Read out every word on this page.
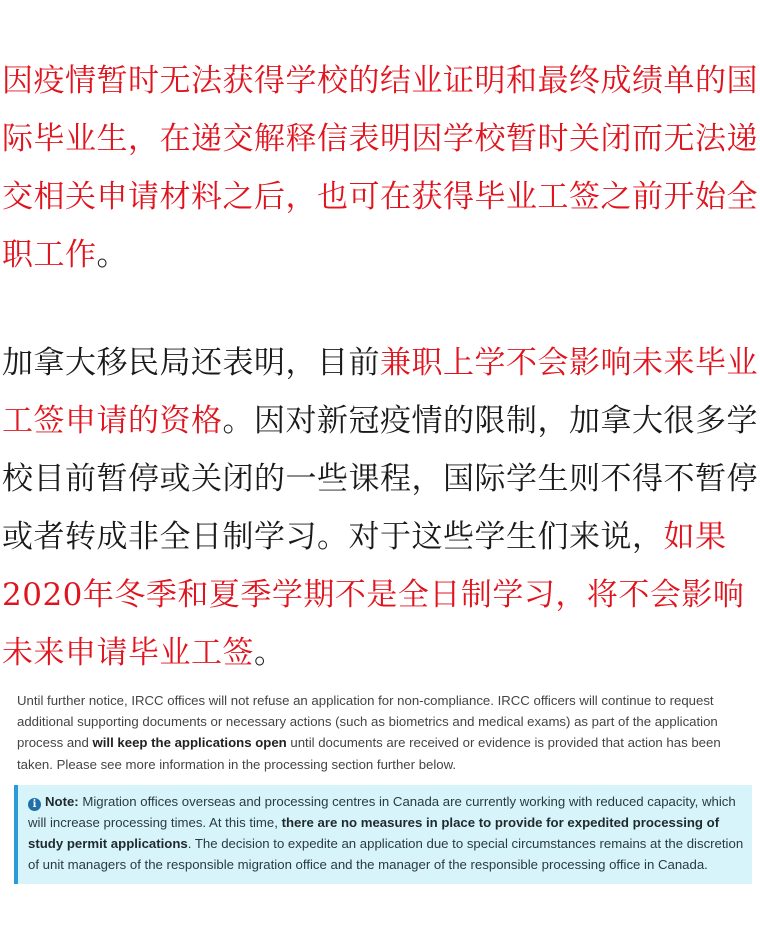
因疫情暂时无法获得学校的结业证明和最终成绩单的国际毕业生，在递交解释信表明因学校暂时关闭而无法递交相关申请材料之后，也可在获得毕业工签之前开始全职工作。

加拿大移民局还表明，目前兼职上学不会影响未来毕业工签申请的资格。因对新冠疫情的限制，加拿大很多学校目前暂停或关闭的一些课程，国际学生则不得不暂停或者转成非全日制学习。对于这些学生们来说，如果2020年冬季和夏季学期不是全日制学习，将不会影响未来申请毕业工签。

Until further notice, IRCC offices will not refuse an application for non-compliance. IRCC officers will continue to request additional supporting documents or necessary actions (such as biometrics and medical exams) as part of the application process and will keep the applications open until documents are received or evidence is provided that action has been taken. Please see more information in the processing section further below.

i Note: Migration offices overseas and processing centres in Canada are currently working with reduced capacity, which will increase processing times. At this time, there are no measures in place to provide for expedited processing of study permit applications. The decision to expedite an application due to special circumstances remains at the discretion of unit managers of the responsible migration office and the manager of the responsible processing office in Canada.
